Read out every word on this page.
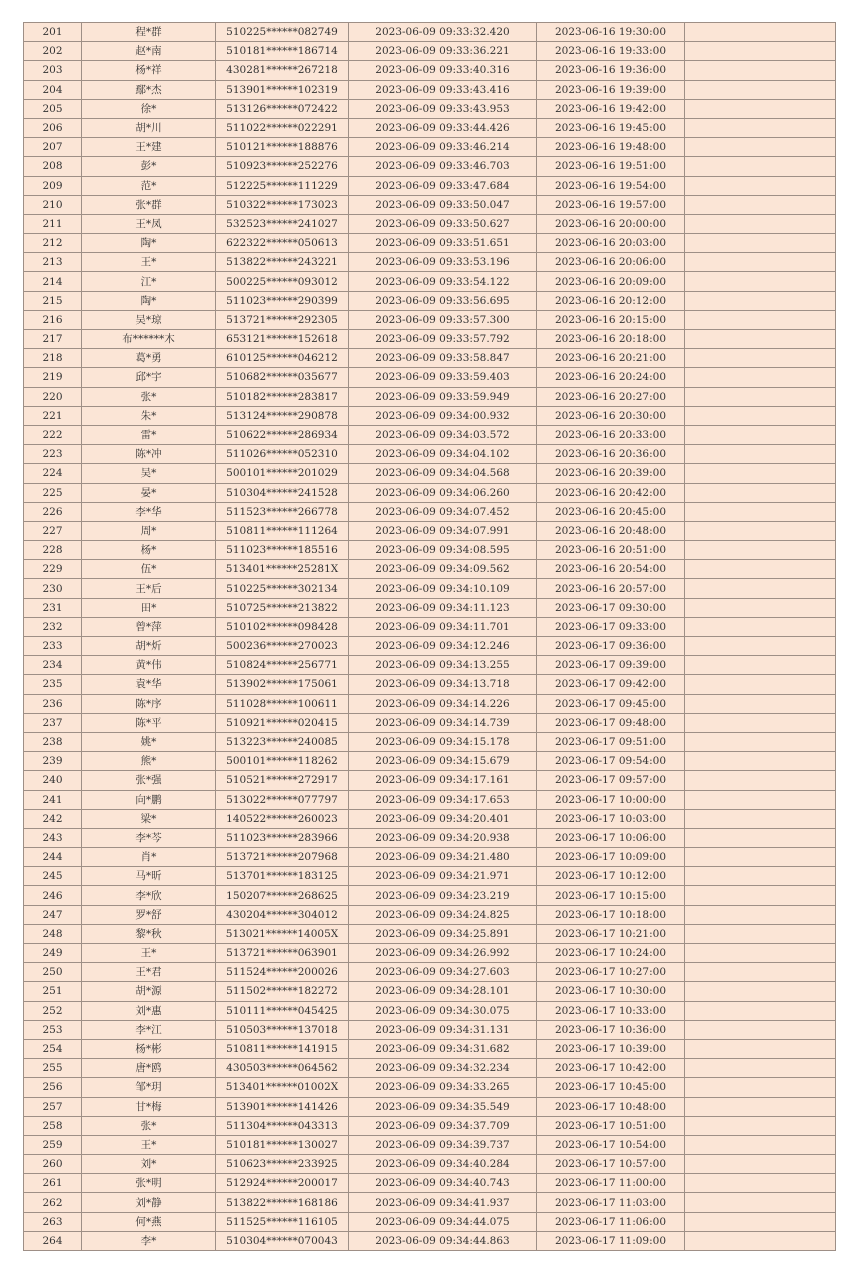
201	程*群	510225******082749	2023-06-09 09:33:32.420	2023-06-16 19:30:00	
202	赵*南	510181******186714	2023-06-09 09:33:36.221	2023-06-16 19:33:00	
203	杨*祥	430281******267218	2023-06-09 09:33:40.316	2023-06-16 19:36:00	
204	鄢*杰	513901******102319	2023-06-09 09:33:43.416	2023-06-16 19:39:00	
205	徐*	513126******072422	2023-06-09 09:33:43.953	2023-06-16 19:42:00	
206	胡*川	511022******022291	2023-06-09 09:33:44.426	2023-06-16 19:45:00	
207	王*建	510121******188876	2023-06-09 09:33:46.214	2023-06-16 19:48:00	
208	彭*	510923******252276	2023-06-09 09:33:46.703	2023-06-16 19:51:00	
209	范*	512225******111229	2023-06-09 09:33:47.684	2023-06-16 19:54:00	
210	张*群	510322******173023	2023-06-09 09:33:50.047	2023-06-16 19:57:00	
211	王*凤	532523******241027	2023-06-09 09:33:50.627	2023-06-16 20:00:00	
212	陶*	622322******050613	2023-06-09 09:33:51.651	2023-06-16 20:03:00	
213	王*	513822******243221	2023-06-09 09:33:53.196	2023-06-16 20:06:00	
214	江*	500225******093012	2023-06-09 09:33:54.122	2023-06-16 20:09:00	
215	陶*	511023******290399	2023-06-09 09:33:56.695	2023-06-16 20:12:00	
216	吴*琼	513721******292305	2023-06-09 09:33:57.300	2023-06-16 20:15:00	
217	布******木	653121******152618	2023-06-09 09:33:57.792	2023-06-16 20:18:00	
218	葛*勇	610125******046212	2023-06-09 09:33:58.847	2023-06-16 20:21:00	
219	邱*宇	510682******035677	2023-06-09 09:33:59.403	2023-06-16 20:24:00	
220	张*	510182******283817	2023-06-09 09:33:59.949	2023-06-16 20:27:00	
221	朱*	513124******290878	2023-06-09 09:34:00.932	2023-06-16 20:30:00	
222	雷*	510622******286934	2023-06-09 09:34:03.572	2023-06-16 20:33:00	
223	陈*冲	511026******052310	2023-06-09 09:34:04.102	2023-06-16 20:36:00	
224	吴*	500101******201029	2023-06-09 09:34:04.568	2023-06-16 20:39:00	
225	晏*	510304******241528	2023-06-09 09:34:06.260	2023-06-16 20:42:00	
226	李*华	511523******266778	2023-06-09 09:34:07.452	2023-06-16 20:45:00	
227	周*	510811******111264	2023-06-09 09:34:07.991	2023-06-16 20:48:00	
228	杨*	511023******185516	2023-06-09 09:34:08.595	2023-06-16 20:51:00	
229	伍*	513401******25281X	2023-06-09 09:34:09.562	2023-06-16 20:54:00	
230	王*后	510225******302134	2023-06-09 09:34:10.109	2023-06-16 20:57:00	
231	田*	510725******213822	2023-06-09 09:34:11.123	2023-06-17 09:30:00	
232	曾*萍	510102******098428	2023-06-09 09:34:11.701	2023-06-17 09:33:00	
233	胡*炘	500236******270023	2023-06-09 09:34:12.246	2023-06-17 09:36:00	
234	黄*伟	510824******256771	2023-06-09 09:34:13.255	2023-06-17 09:39:00	
235	袁*华	513902******175061	2023-06-09 09:34:13.718	2023-06-17 09:42:00	
236	陈*序	511028******100611	2023-06-09 09:34:14.226	2023-06-17 09:45:00	
237	陈*平	510921******020415	2023-06-09 09:34:14.739	2023-06-17 09:48:00	
238	姚*	513223******240085	2023-06-09 09:34:15.178	2023-06-17 09:51:00	
239	熊*	500101******118262	2023-06-09 09:34:15.679	2023-06-17 09:54:00	
240	张*强	510521******272917	2023-06-09 09:34:17.161	2023-06-17 09:57:00	
241	向*鹏	513022******077797	2023-06-09 09:34:17.653	2023-06-17 10:00:00	
242	梁*	140522******260023	2023-06-09 09:34:20.401	2023-06-17 10:03:00	
243	李*芩	511023******283966	2023-06-09 09:34:20.938	2023-06-17 10:06:00	
244	肖*	513721******207968	2023-06-09 09:34:21.480	2023-06-17 10:09:00	
245	马*昕	513701******183125	2023-06-09 09:34:21.971	2023-06-17 10:12:00	
246	李*欣	150207******268625	2023-06-09 09:34:23.219	2023-06-17 10:15:00	
247	罗*舒	430204******304012	2023-06-09 09:34:24.825	2023-06-17 10:18:00	
248	黎*秋	513021******14005X	2023-06-09 09:34:25.891	2023-06-17 10:21:00	
249	王*	513721******063901	2023-06-09 09:34:26.992	2023-06-17 10:24:00	
250	王*君	511524******200026	2023-06-09 09:34:27.603	2023-06-17 10:27:00	
251	胡*源	511502******182272	2023-06-09 09:34:28.101	2023-06-17 10:30:00	
252	刘*惠	510111******045425	2023-06-09 09:34:30.075	2023-06-17 10:33:00	
253	李*江	510503******137018	2023-06-09 09:34:31.131	2023-06-17 10:36:00	
254	杨*彬	510811******141915	2023-06-09 09:34:31.682	2023-06-17 10:39:00	
255	唐*鸥	430503******064562	2023-06-09 09:34:32.234	2023-06-17 10:42:00	
256	邹*玥	513401******01002X	2023-06-09 09:34:33.265	2023-06-17 10:45:00	
257	甘*梅	513901******141426	2023-06-09 09:34:35.549	2023-06-17 10:48:00	
258	张*	511304******043313	2023-06-09 09:34:37.709	2023-06-17 10:51:00	
259	王*	510181******130027	2023-06-09 09:34:39.737	2023-06-17 10:54:00	
260	刘*	510623******233925	2023-06-09 09:34:40.284	2023-06-17 10:57:00	
261	张*明	512924******200017	2023-06-09 09:34:40.743	2023-06-17 11:00:00	
262	刘*静	513822******168186	2023-06-09 09:34:41.937	2023-06-17 11:03:00	
263	何*燕	511525******116105	2023-06-09 09:34:44.075	2023-06-17 11:06:00	
264	李*	510304******070043	2023-06-09 09:34:44.863	2023-06-17 11:09:00	
